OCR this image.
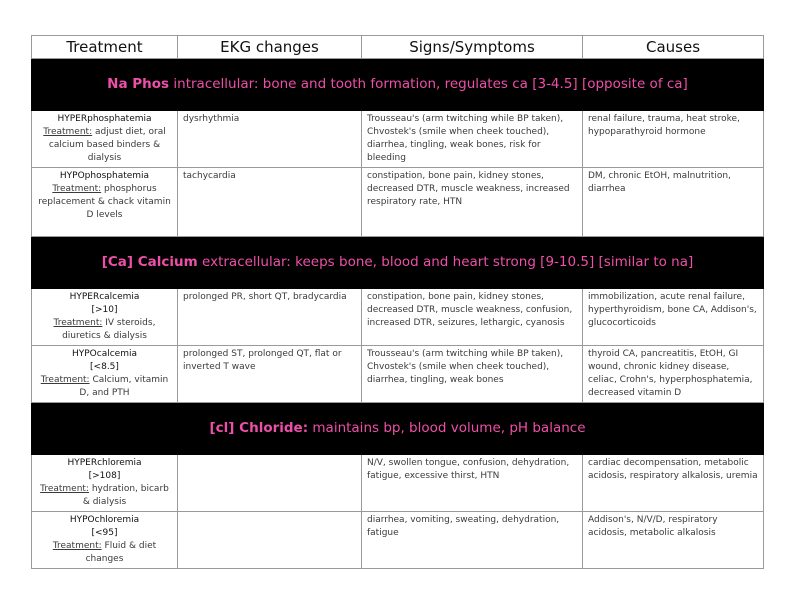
Treatment	EKG changes	Signs/Symptoms	Causes
Na Phos intracellular: bone and tooth formation, regulates ca [3-4.5] [opposite of ca]			

HYPERphosphatemia
Treatment: adjust diet, oral calcium based binders & dialysis	dysrhythmia	Trousseau's (arm twitching while BP taken), Chvostek's (smile when cheek touched), diarrhea, tingling, weak bones, risk for bleeding	renal failure, trauma, heat stroke, hypoparathyroid hormone

HYPOphosphatemia
Treatment: phosphorus replacement & chack vitamin D levels	tachycardia	constipation, bone pain, kidney stones, decreased DTR, muscle weakness, increased respiratory rate, HTN	DM, chronic EtOH, malnutrition, diarrhea
[Ca] Calcium extracellular: keeps bone, blood and heart strong [9-10.5] [similar to na]			

HYPERcalcemia
[>10]
Treatment: IV steroids, diuretics & dialysis	prolonged PR, short QT, bradycardia	constipation, bone pain, kidney stones, decreased DTR, muscle weakness, confusion, increased DTR, seizures, lethargic, cyanosis	immobilization, acute renal failure, hyperthyroidism, bone CA, Addison's, glucocorticoids

HYPOcalcemia
[<8.5]
Treatment: Calcium, vitamin D, and PTH	prolonged ST, prolonged QT, flat or inverted T wave	Trousseau's (arm twitching while BP taken), Chvostek's (smile when cheek touched), diarrhea, tingling, weak bones	thyroid CA, pancreatitis, EtOH, GI wound, chronic kidney disease, celiac, Crohn's, hyperphosphatemia, decreased vitamin D
[cl] Chloride: maintains bp, blood volume, pH balance			

HYPERchloremia
[>108]
Treatment: hydration, bicarb & dialysis		N/V, swollen tongue, confusion, dehydration, fatigue, excessive thirst, HTN	cardiac decompensation, metabolic acidosis, respiratory alkalosis, uremia

HYPOchloremia
[<95]
Treatment: Fluid & diet changes		diarrhea, vomiting, sweating, dehydration, fatigue	Addison's, N/V/D, respiratory acidosis, metabolic alkalosis
